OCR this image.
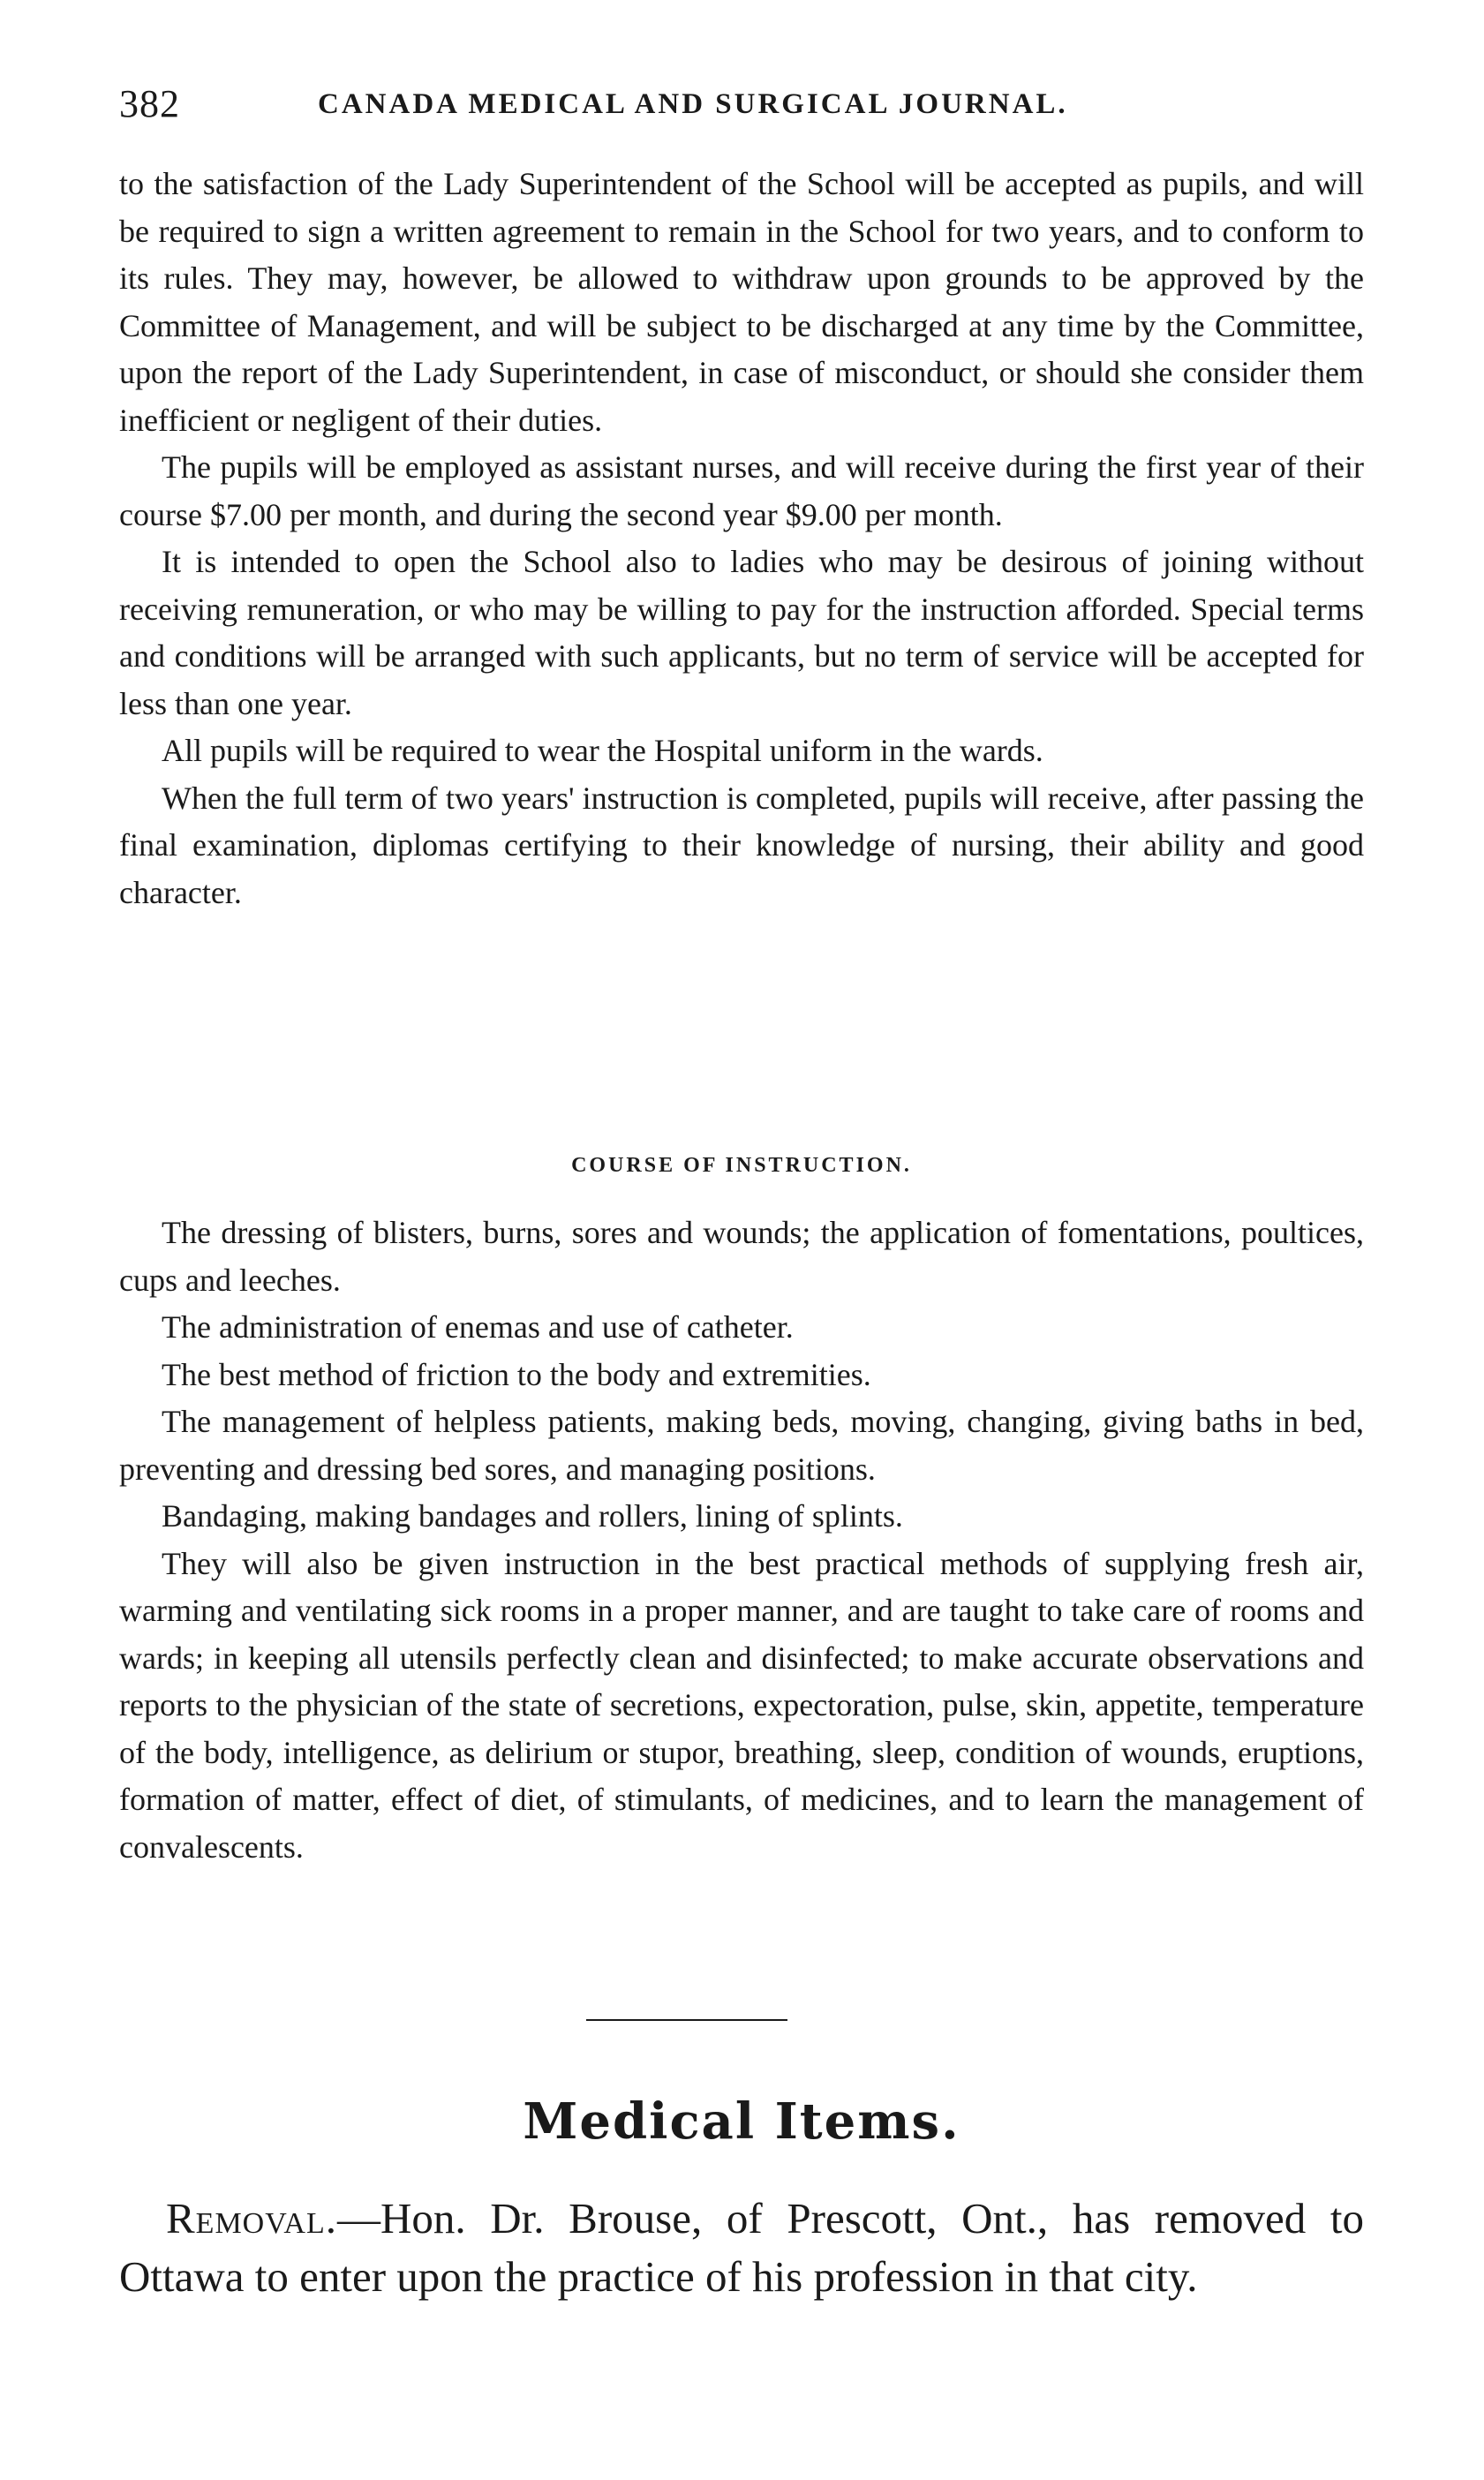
382	CANADA MEDICAL AND SURGICAL JOURNAL.

to the satisfaction of the Lady Superintendent of the School will be accepted as pupils, and will be required to sign a written agreement to remain in the School for two years, and to conform to its rules. They may, however, be allowed to withdraw upon grounds to be approved by the Committee of Management, and will be subject to be discharged at any time by the Committee, upon the report of the Lady Superintendent, in case of misconduct, or should she consider them inefficient or negligent of their duties.

The pupils will be employed as assistant nurses, and will receive during the first year of their course $7.00 per month, and during the second year $9.00 per month.

It is intended to open the School also to ladies who may be desirous of joining without receiving remuneration, or who may be willing to pay for the instruction afforded. Special terms and conditions will be arranged with such applicants, but no term of service will be accepted for less than one year.

All pupils will be required to wear the Hospital uniform in the wards.

When the full term of two years' instruction is completed, pupils will receive, after passing the final examination, diplomas certifying to their knowledge of nursing, their ability and good character.

COURSE OF INSTRUCTION.

The dressing of blisters, burns, sores and wounds; the application of fomentations, poultices, cups and leeches.

The administration of enemas and use of catheter.

The best method of friction to the body and extremities.

The management of helpless patients, making beds, moving, changing, giving baths in bed, preventing and dressing bed sores, and managing positions.

Bandaging, making bandages and rollers, lining of splints.

They will also be given instruction in the best practical methods of supplying fresh air, warming and ventilating sick rooms in a proper manner, and are taught to take care of rooms and wards; in keeping all utensils perfectly clean and disinfected; to make accurate observations and reports to the physician of the state of secretions, expectoration, pulse, skin, appetite, temperature of the body, intelligence, as delirium or stupor, breathing, sleep, condition of wounds, eruptions, formation of matter, effect of diet, of stimulants, of medicines, and to learn the management of convalescents.

Medical Items.

Removal.—Hon. Dr. Brouse, of Prescott, Ont., has removed to Ottawa to enter upon the practice of his profession in that city.
